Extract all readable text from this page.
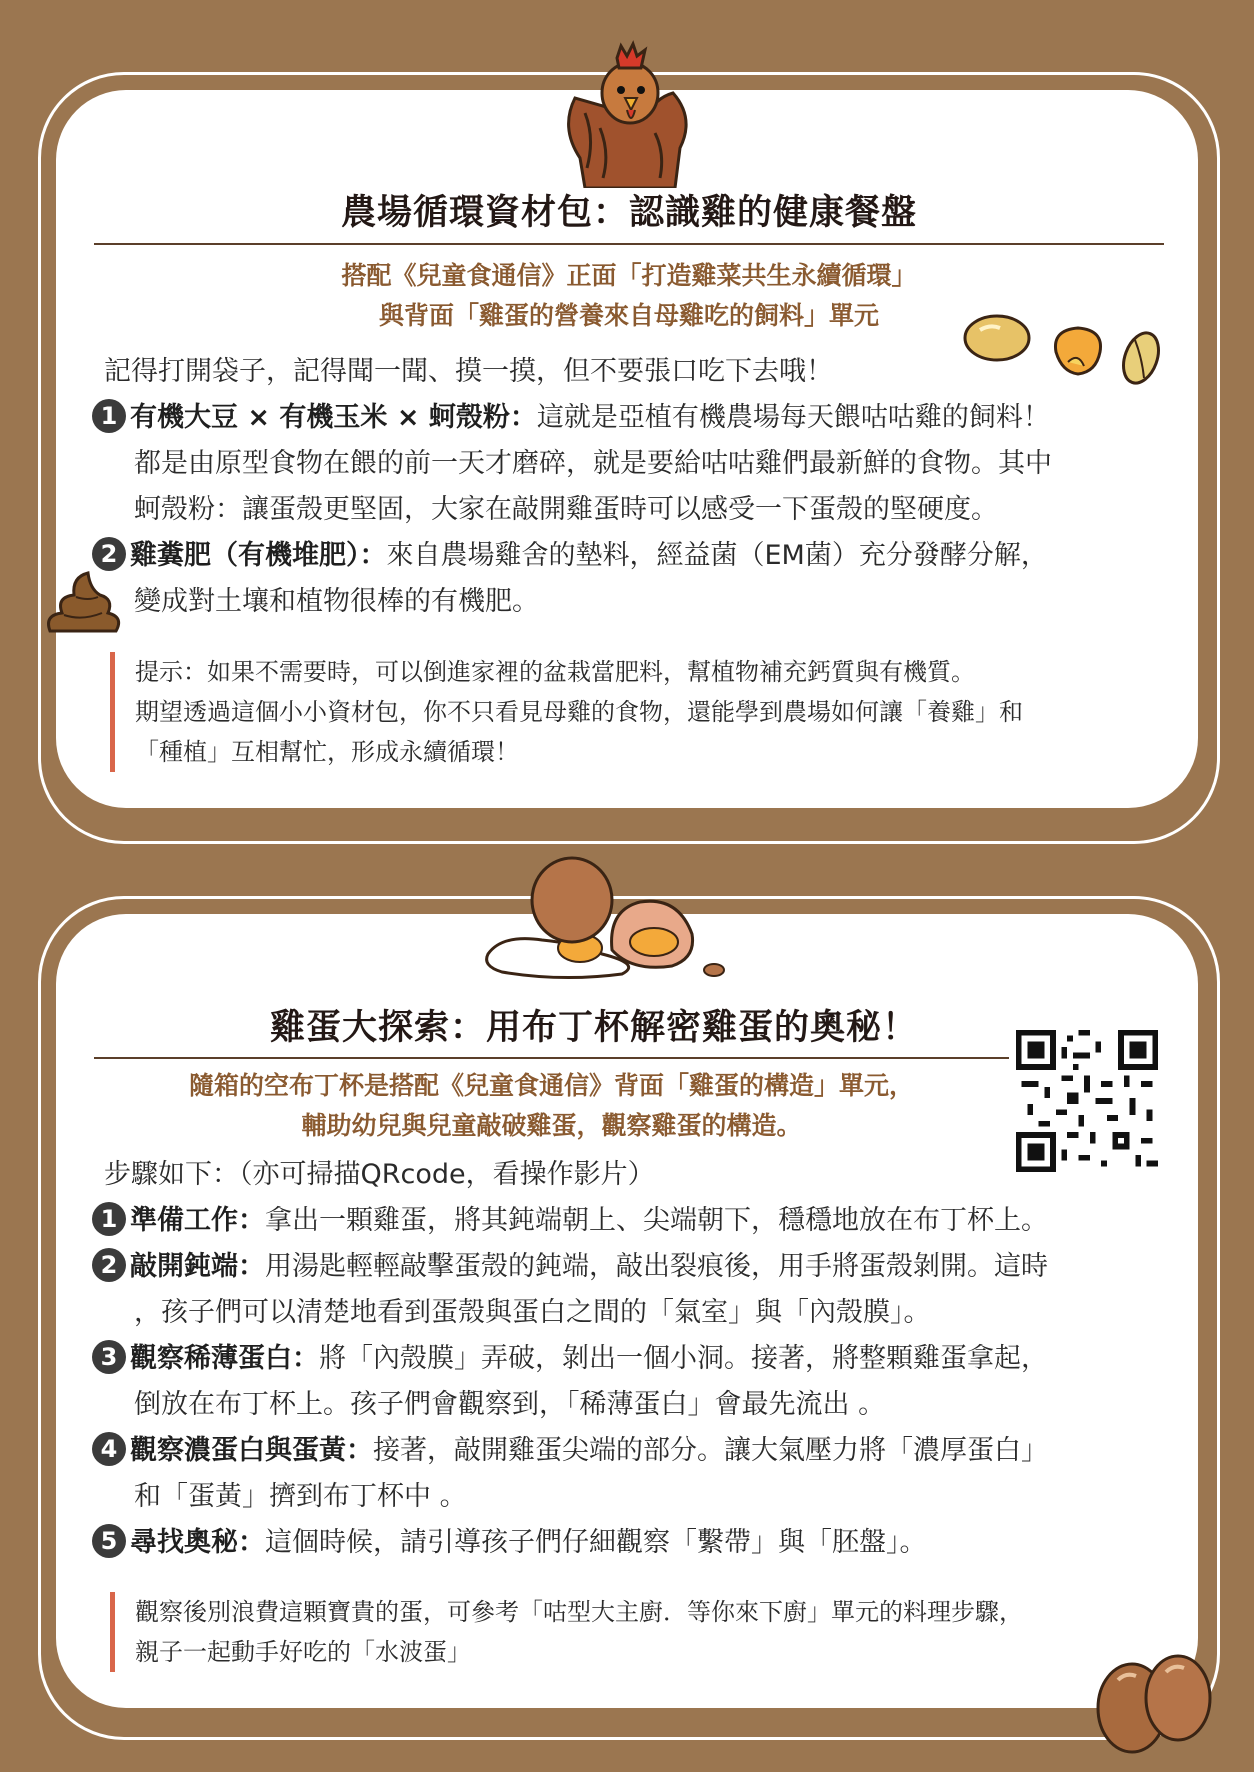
農場循環資材包：認識雞的健康餐盤
搭配《兒童食通信》正面「打造雞菜共生永續循環」
與背面「雞蛋的營養來自母雞吃的飼料」單元
記得打開袋子，記得聞一聞、摸一摸，但不要張口吃下去哦！
1 有機大豆 × 有機玉米 × 蚵殼粉：這就是亞植有機農場每天餵咕咕雞的飼料！
都是由原型食物在餵的前一天才磨碎，就是要給咕咕雞們最新鮮的食物。其中
蚵殼粉：讓蛋殼更堅固，大家在敲開雞蛋時可以感受一下蛋殼的堅硬度。
2 雞糞肥（有機堆肥）：來自農場雞舍的墊料，經益菌（EM菌）充分發酵分解，
變成對土壤和植物很棒的有機肥。
提示：如果不需要時，可以倒進家裡的盆栽當肥料，幫植物補充鈣質與有機質。
期望透過這個小小資材包，你不只看見母雞的食物，還能學到農場如何讓「養雞」和
「種植」互相幫忙，形成永續循環！
雞蛋大探索：用布丁杯解密雞蛋的奧秘！
隨箱的空布丁杯是搭配《兒童食通信》背面「雞蛋的構造」單元，
輔助幼兒與兒童敲破雞蛋，觀察雞蛋的構造。
步驟如下：（亦可掃描QRcode，看操作影片）
1 準備工作：拿出一顆雞蛋，將其鈍端朝上、尖端朝下，穩穩地放在布丁杯上。
2 敲開鈍端：用湯匙輕輕敲擊蛋殼的鈍端，敲出裂痕後，用手將蛋殼剝開。這時
，孩子們可以清楚地看到蛋殼與蛋白之間的「氣室」與「內殼膜」。
3 觀察稀薄蛋白：將「內殼膜」弄破，剝出一個小洞。接著，將整顆雞蛋拿起，
倒放在布丁杯上。孩子們會觀察到，「稀薄蛋白」會最先流出 。
4 觀察濃蛋白與蛋黃：接著，敲開雞蛋尖端的部分。讓大氣壓力將「濃厚蛋白」
和「蛋黃」擠到布丁杯中 。
5 尋找奧秘：這個時候，請引導孩子們仔細觀察「繫帶」與「胚盤」。
觀察後別浪費這顆寶貴的蛋，可參考「咕型大主廚．等你來下廚」單元的料理步驟，
親子一起動手好吃的「水波蛋」
